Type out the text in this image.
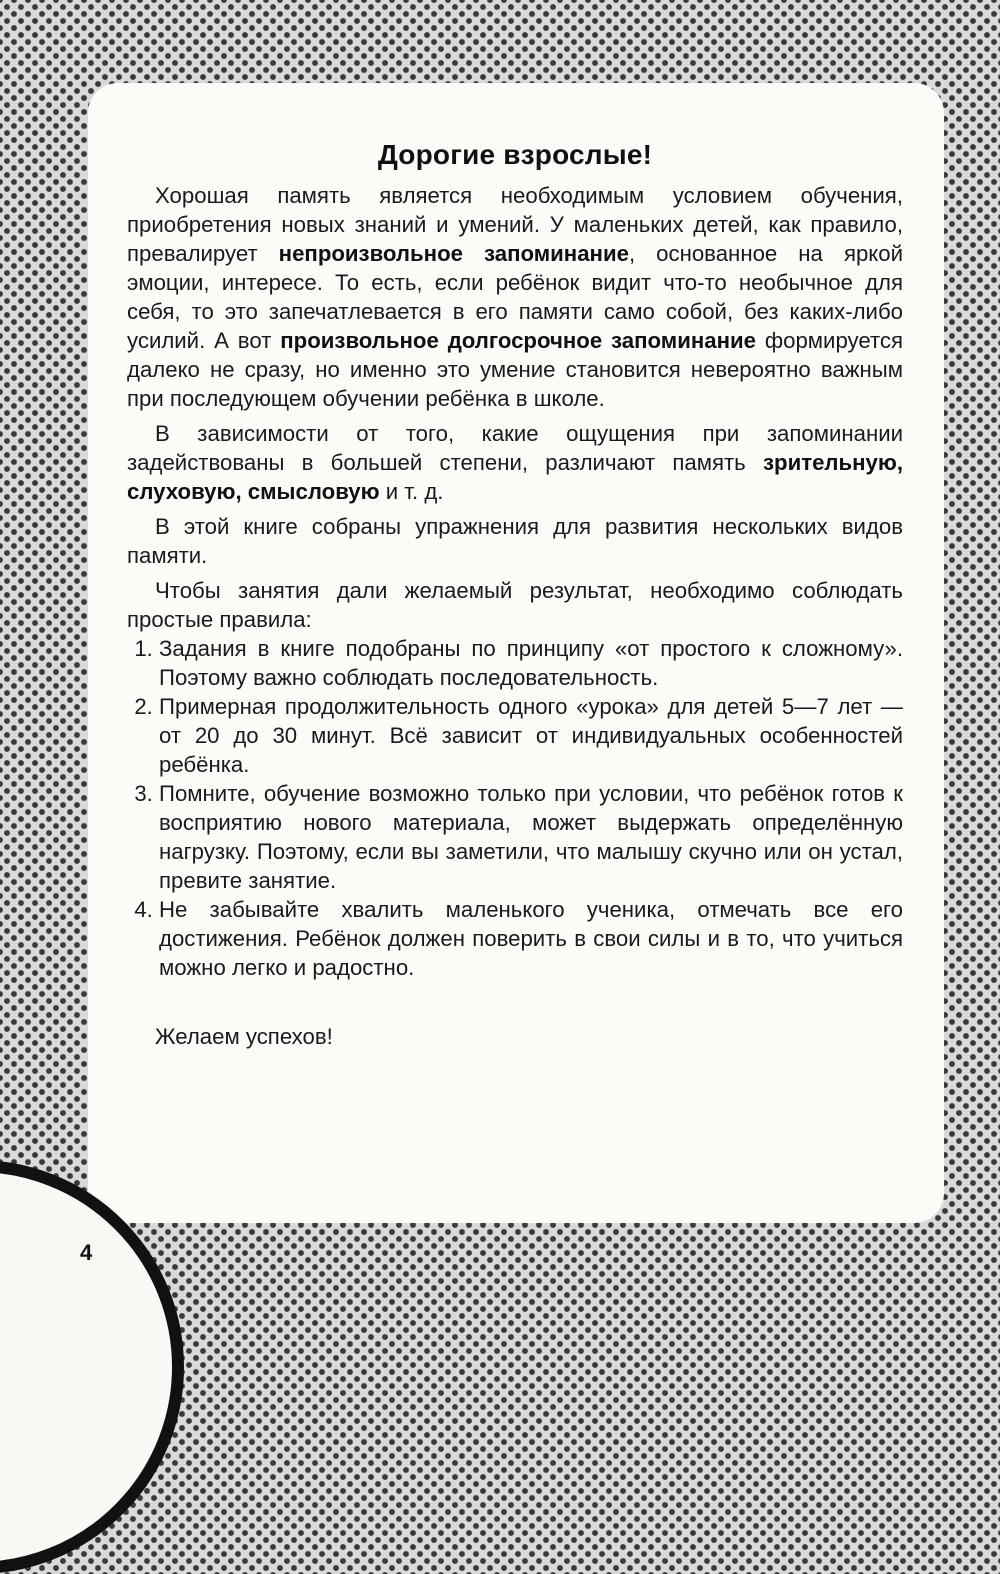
Дорогие взрослые!

Хорошая память является необходимым условием обучения, приобретения новых знаний и умений. У маленьких детей, как правило, превалирует непроизвольное запоминание, основанное на яркой эмоции, интересе. То есть, если ребёнок видит что-то необычное для себя, то это запечатлевается в его памяти само собой, без каких-либо усилий. А вот произвольное долгосрочное запоминание формируется далеко не сразу, но именно это умение становится невероятно важным при последующем обучении ребёнка в школе.

В зависимости от того, какие ощущения при запоминании задействованы в большей степени, различают память зрительную, слуховую, смысловую и т. д.

В этой книге собраны упражнения для развития нескольких видов памяти.

Чтобы занятия дали желаемый результат, необходимо соблюдать простые правила:

1. Задания в книге подобраны по принципу «от простого к сложному». Поэтому важно соблюдать последовательность.
2. Примерная продолжительность одного «урока» для детей 5—7 лет — от 20 до 30 минут. Всё зависит от индивидуальных особенностей ребёнка.
3. Помните, обучение возможно только при условии, что ребёнок готов к восприятию нового материала, может выдержать определённую нагрузку. Поэтому, если вы заметили, что малышу скучно или он устал, превите занятие.
4. Не забывайте хвалить маленького ученика, отмечать все его достижения. Ребёнок должен поверить в свои силы и в то, что учиться можно легко и радостно.

Желаем успехов!

4
